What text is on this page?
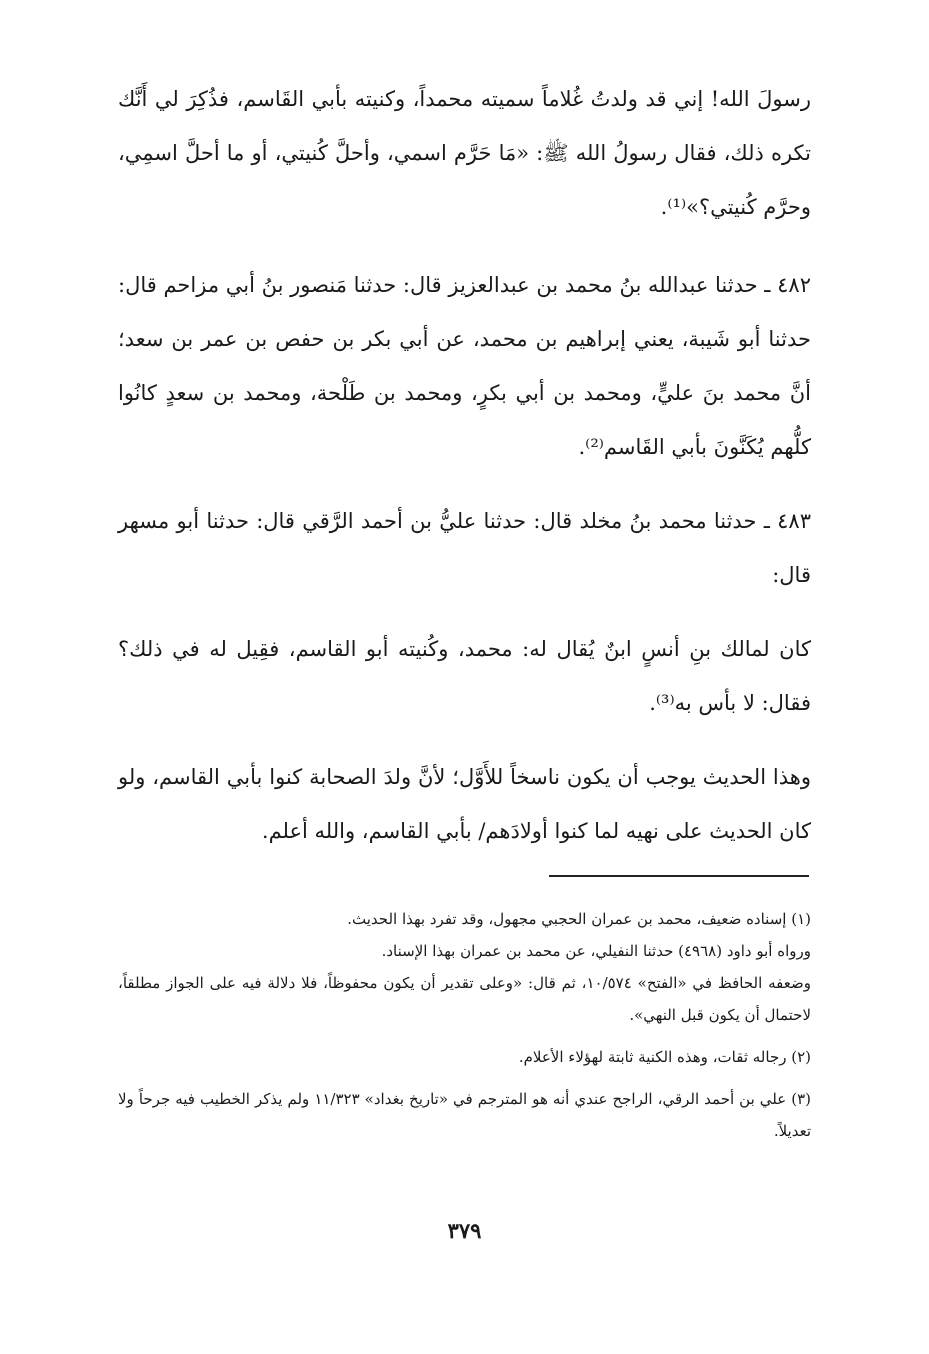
رسولَ الله! إني قد ولدتُ غُلاماً سميته محمداً، وكنيته بأبي القَاسم، فذُكِرَ لي أَنَّك تكره ذلك، فقال رسولُ الله ﷺ: «مَا حَرَّم اسمي، وأحلَّ كُنيتي، أو ما أحلَّ اسمِي، وحرَّم كُنيتي؟»⁽¹⁾.

٤٨٢ ـ حدثنا عبدالله بنُ محمد بن عبدالعزيز قال: حدثنا مَنصور بنُ أبي مزاحم قال: حدثنا أبو شَيبة، يعني إبراهيم بن محمد، عن أبي بكر بن حفص بن عمر بن سعد؛ أنَّ محمد بنَ عليٍّ، ومحمد بن أبي بكرٍ، ومحمد بن طَلْحة، ومحمد بن سعدٍ كانُوا كلُّهم يُكَنَّونَ بأبي القَاسم⁽²⁾.

٤٨٣ ـ حدثنا محمد بنُ مخلد قال: حدثنا عليُّ بن أحمد الرَّقي قال: حدثنا أبو مسهر قال:

كان لمالك بنِ أنسٍ ابنٌ يُقال له: محمد، وكُنيته أبو القاسم، فقِيل له في ذلك؟ فقال: لا بأس به⁽³⁾.

وهذا الحديث يوجب أن يكون ناسخاً للأَوَّل؛ لأنَّ ولدَ الصحابة كنوا بأبي القاسم، ولو كان الحديث على نهيه لما كنوا أولادَهم/ بأبي القاسم، والله أعلم.

(١) إسناده ضعيف، محمد بن عمران الحجبي مجهول، وقد تفرد بهذا الحديث.
ورواه أبو داود (٤٩٦٨) حدثنا النفيلي، عن محمد بن عمران بهذا الإسناد.
وضعفه الحافظ في «الفتح» ١٠/٥٧٤، ثم قال: «وعلى تقدير أن يكون محفوظاً، فلا دلالة فيه على الجواز مطلقاً، لاحتمال أن يكون قبل النهي».

(٢) رجاله ثقات، وهذه الكنية ثابتة لهؤلاء الأعلام.

(٣) علي بن أحمد الرقي، الراجح عندي أنه هو المترجم في «تاريخ بغداد» ١١/٣٢٣ ولم يذكر الخطيب فيه جرحاً ولا تعديلاً.

٣٧٩
